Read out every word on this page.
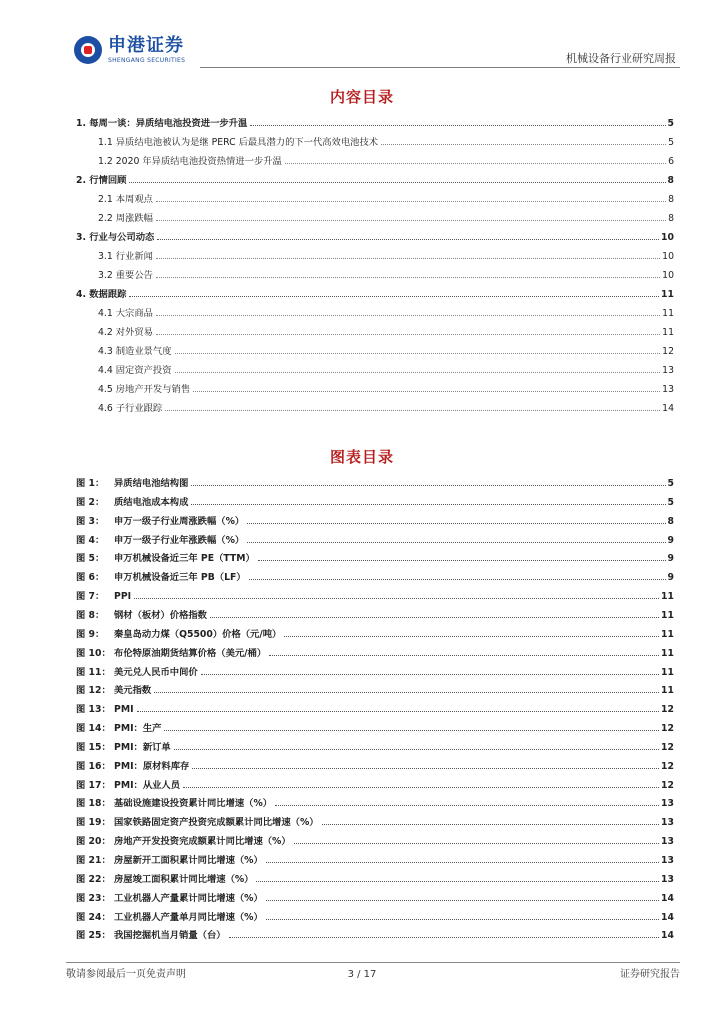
申港证券
SHENGANG SECURITIES	机械设备行业研究周报
内容目录
1. 每周一谈：异质结电池投资进一步升温	5
1.1 异质结电池被认为是继 PERC 后最具潜力的下一代高效电池技术	5
1.2 2020 年异质结电池投资热情进一步升温	6
2. 行情回顾	8
2.1 本周观点	8
2.2 周涨跌幅	8
3. 行业与公司动态	10
3.1 行业新闻	10
3.2 重要公告	10
4. 数据跟踪	11
4.1 大宗商品	11
4.2 对外贸易	11
4.3 制造业景气度	12
4.4 固定资产投资	13
4.5 房地产开发与销售	13
4.6 子行业跟踪	14
图表目录
图 1：	异质结电池结构图	5
图 2：	质结电池成本构成	5
图 3：	申万一级子行业周涨跌幅（%）	8
图 4：	申万一级子行业年涨跌幅（%）	9
图 5：	申万机械设备近三年 PE（TTM）	9
图 6：	申万机械设备近三年 PB（LF）	9
图 7：	PPI	11
图 8：	钢材（板材）价格指数	11
图 9：	秦皇岛动力煤（Q5500）价格（元/吨）	11
图 10： 布伦特原油期货结算价格（美元/桶）	11
图 11： 美元兑人民币中间价	11
图 12： 美元指数	11
图 13： PMI	12
图 14： PMI：生产	12
图 15： PMI：新订单	12
图 16： PMI：原材料库存	12
图 17： PMI：从业人员	12
图 18： 基础设施建设投资累计同比增速（%）	13
图 19： 国家铁路固定资产投资完成额累计同比增速（%）	13
图 20： 房地产开发投资完成额累计同比增速（%）	13
图 21： 房屋新开工面积累计同比增速（%）	13
图 22： 房屋竣工面积累计同比增速（%）	13
图 23： 工业机器人产量累计同比增速（%）	14
图 24： 工业机器人产量单月同比增速（%）	14
图 25： 我国挖掘机当月销量（台）	14
敬请参阅最后一页免责声明	3 / 17	证券研究报告
